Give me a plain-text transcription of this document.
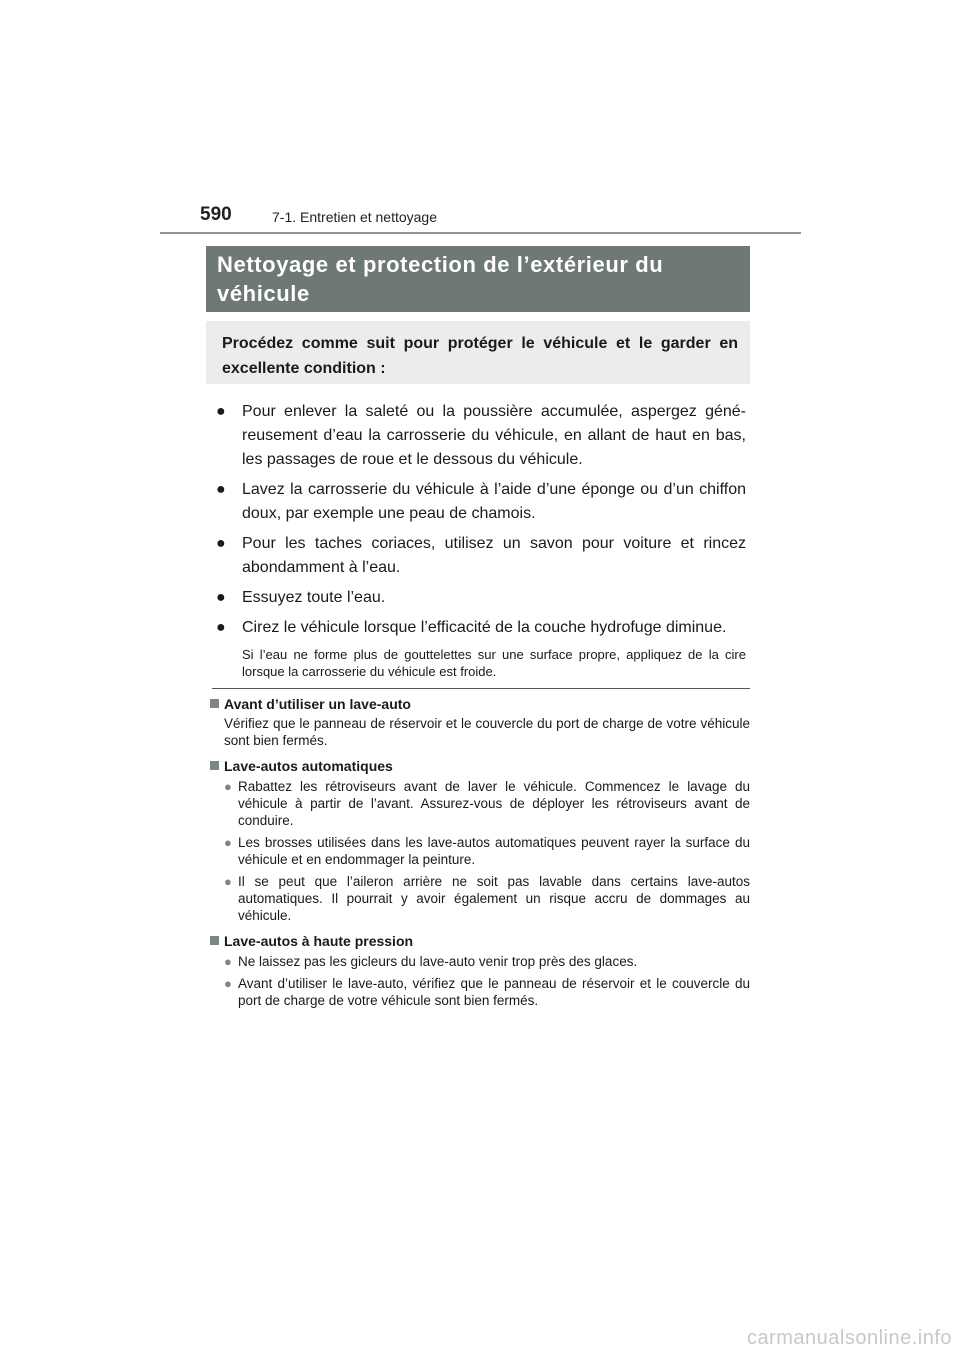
590	7-1. Entretien et nettoyage

Nettoyage et protection de l’extérieur du
véhicule

Procédez comme suit pour protéger le véhicule et le garder en excellente condition :

● Pour enlever la saleté ou la poussière accumulée, aspergez généreusement d’eau la carrosserie du véhicule, en allant de haut en bas, les passages de roue et le dessous du véhicule.
● Lavez la carrosserie du véhicule à l’aide d’une éponge ou d’un chiffon doux, par exemple une peau de chamois.
● Pour les taches coriaces, utilisez un savon pour voiture et rincez abondamment à l’eau.
● Essuyez toute l’eau.
● Cirez le véhicule lorsque l’efficacité de la couche hydrofuge diminue.

Si l’eau ne forme plus de gouttelettes sur une surface propre, appliquez de la cire lorsque la carrosserie du véhicule est froide.

Avant d’utiliser un lave-auto

Vérifiez que le panneau de réservoir et le couvercle du port de charge de votre véhicule sont bien fermés.

Lave-autos automatiques

● Rabattez les rétroviseurs avant de laver le véhicule. Commencez le lavage du véhicule à partir de l’avant. Assurez-vous de déployer les rétroviseurs avant de conduire.
● Les brosses utilisées dans les lave-autos automatiques peuvent rayer la surface du véhicule et en endommager la peinture.
● Il se peut que l’aileron arrière ne soit pas lavable dans certains lave-autos automatiques. Il pourrait y avoir également un risque accru de dommages au véhicule.

Lave-autos à haute pression

● Ne laissez pas les gicleurs du lave-auto venir trop près des glaces.
● Avant d’utiliser le lave-auto, vérifiez que le panneau de réservoir et le couvercle du port de charge de votre véhicule sont bien fermés.
carmanualsonline.info
